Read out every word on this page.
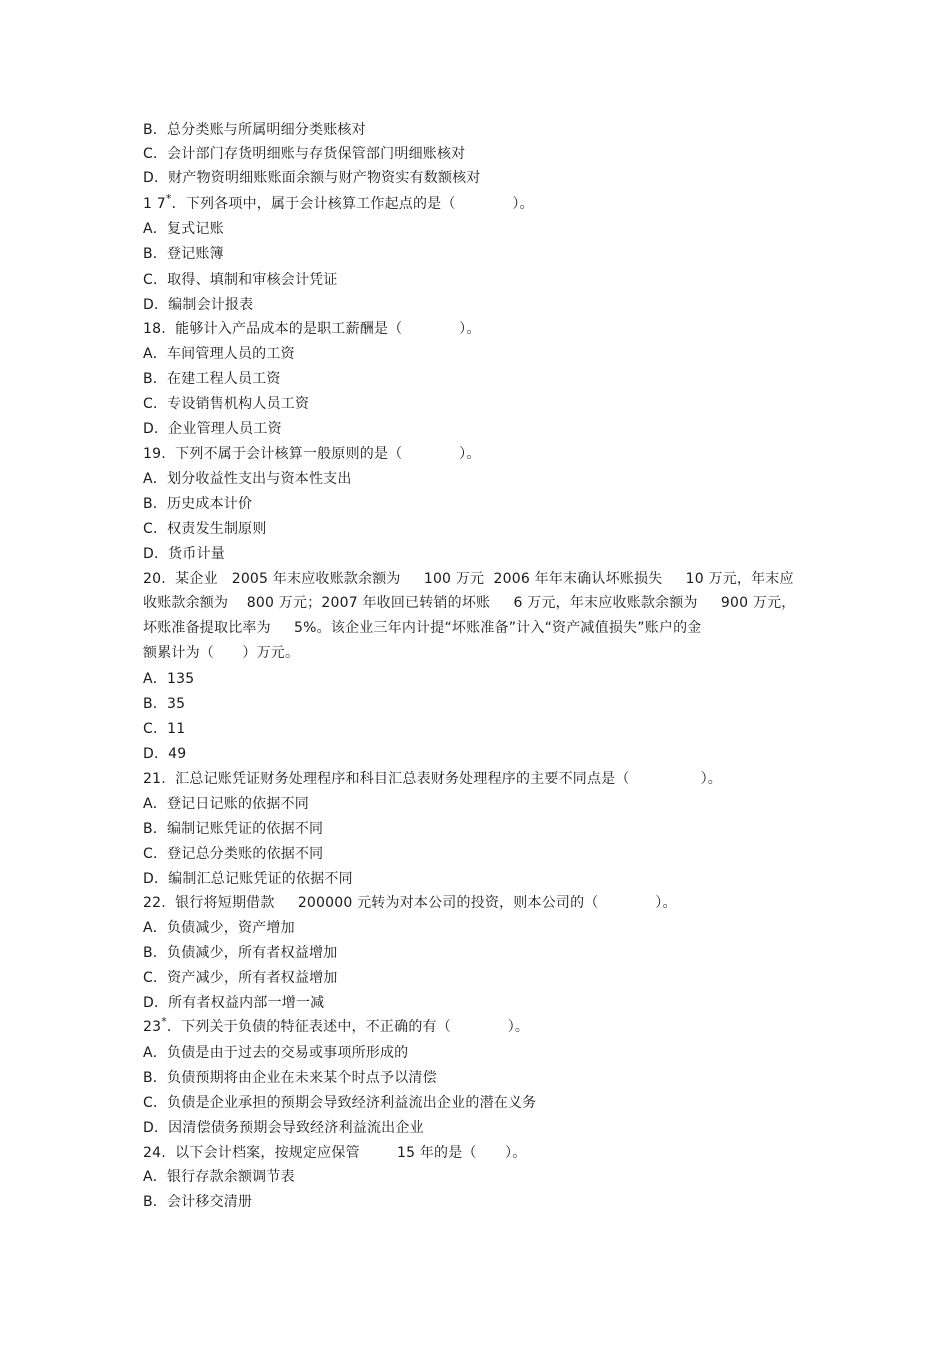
B．总分类账与所属明细分类账核对
C．会计部门存货明细账与存货保管部门明细账核对
D．财产物资明细账账面余额与财产物资实有数额核对
1 7*．下列各项中，属于会计核算工作起点的是（　　　　）。
A．复式记账
B．登记账簿
C．取得、填制和审核会计凭证
D．编制会计报表
18.  能够计入产品成本的是职工薪酬是（　　　　）。
A．车间管理人员的工资
B．在建工程人员工资
C．专设销售机构人员工资
D．企业管理人员工资
19.  下列不属于会计核算一般原则的是（　　　　）。
A．划分收益性支出与资本性支出
B．历史成本计价
C．权责发生制原则
D．货币计量
20.  某企业   2005 年末应收账款余额为     100 万元  2006 年年末确认坏账损失     10 万元，年末应
收账款余额为    800 万元；2007 年收回已转销的坏账     6 万元，年末应收账款余额为     900 万元，
坏账准备提取比率为     5%。该企业三年内计提“坏账准备”计入“资产减值损失”账户的金
额累计为（　　）万元。
A．135
B．35
C．11
D．49
21.  汇总记账凭证财务处理程序和科目汇总表财务处理程序的主要不同点是（　　　　　）。
A．登记日记账的依据不同
B．编制记账凭证的依据不同
C．登记总分类账的依据不同
D．编制汇总记账凭证的依据不同
22.  银行将短期借款     200000 元转为对本公司的投资，则本公司的（　　　　）。
A．负债减少，资产增加
B．负债减少，所有者权益增加
C．资产减少，所有者权益增加
D．所有者权益内部一增一减
23*．下列关于负债的特征表述中，不正确的有（　　　　）。
A．负债是由于过去的交易或事项所形成的
B．负债预期将由企业在未来某个时点予以清偿
C．负债是企业承担的预期会导致经济利益流出企业的潜在义务
D．因清偿债务预期会导致经济利益流出企业
24.  以下会计档案，按规定应保管        15 年的是（　　）。
A．银行存款余额调节表
B．会计移交清册
